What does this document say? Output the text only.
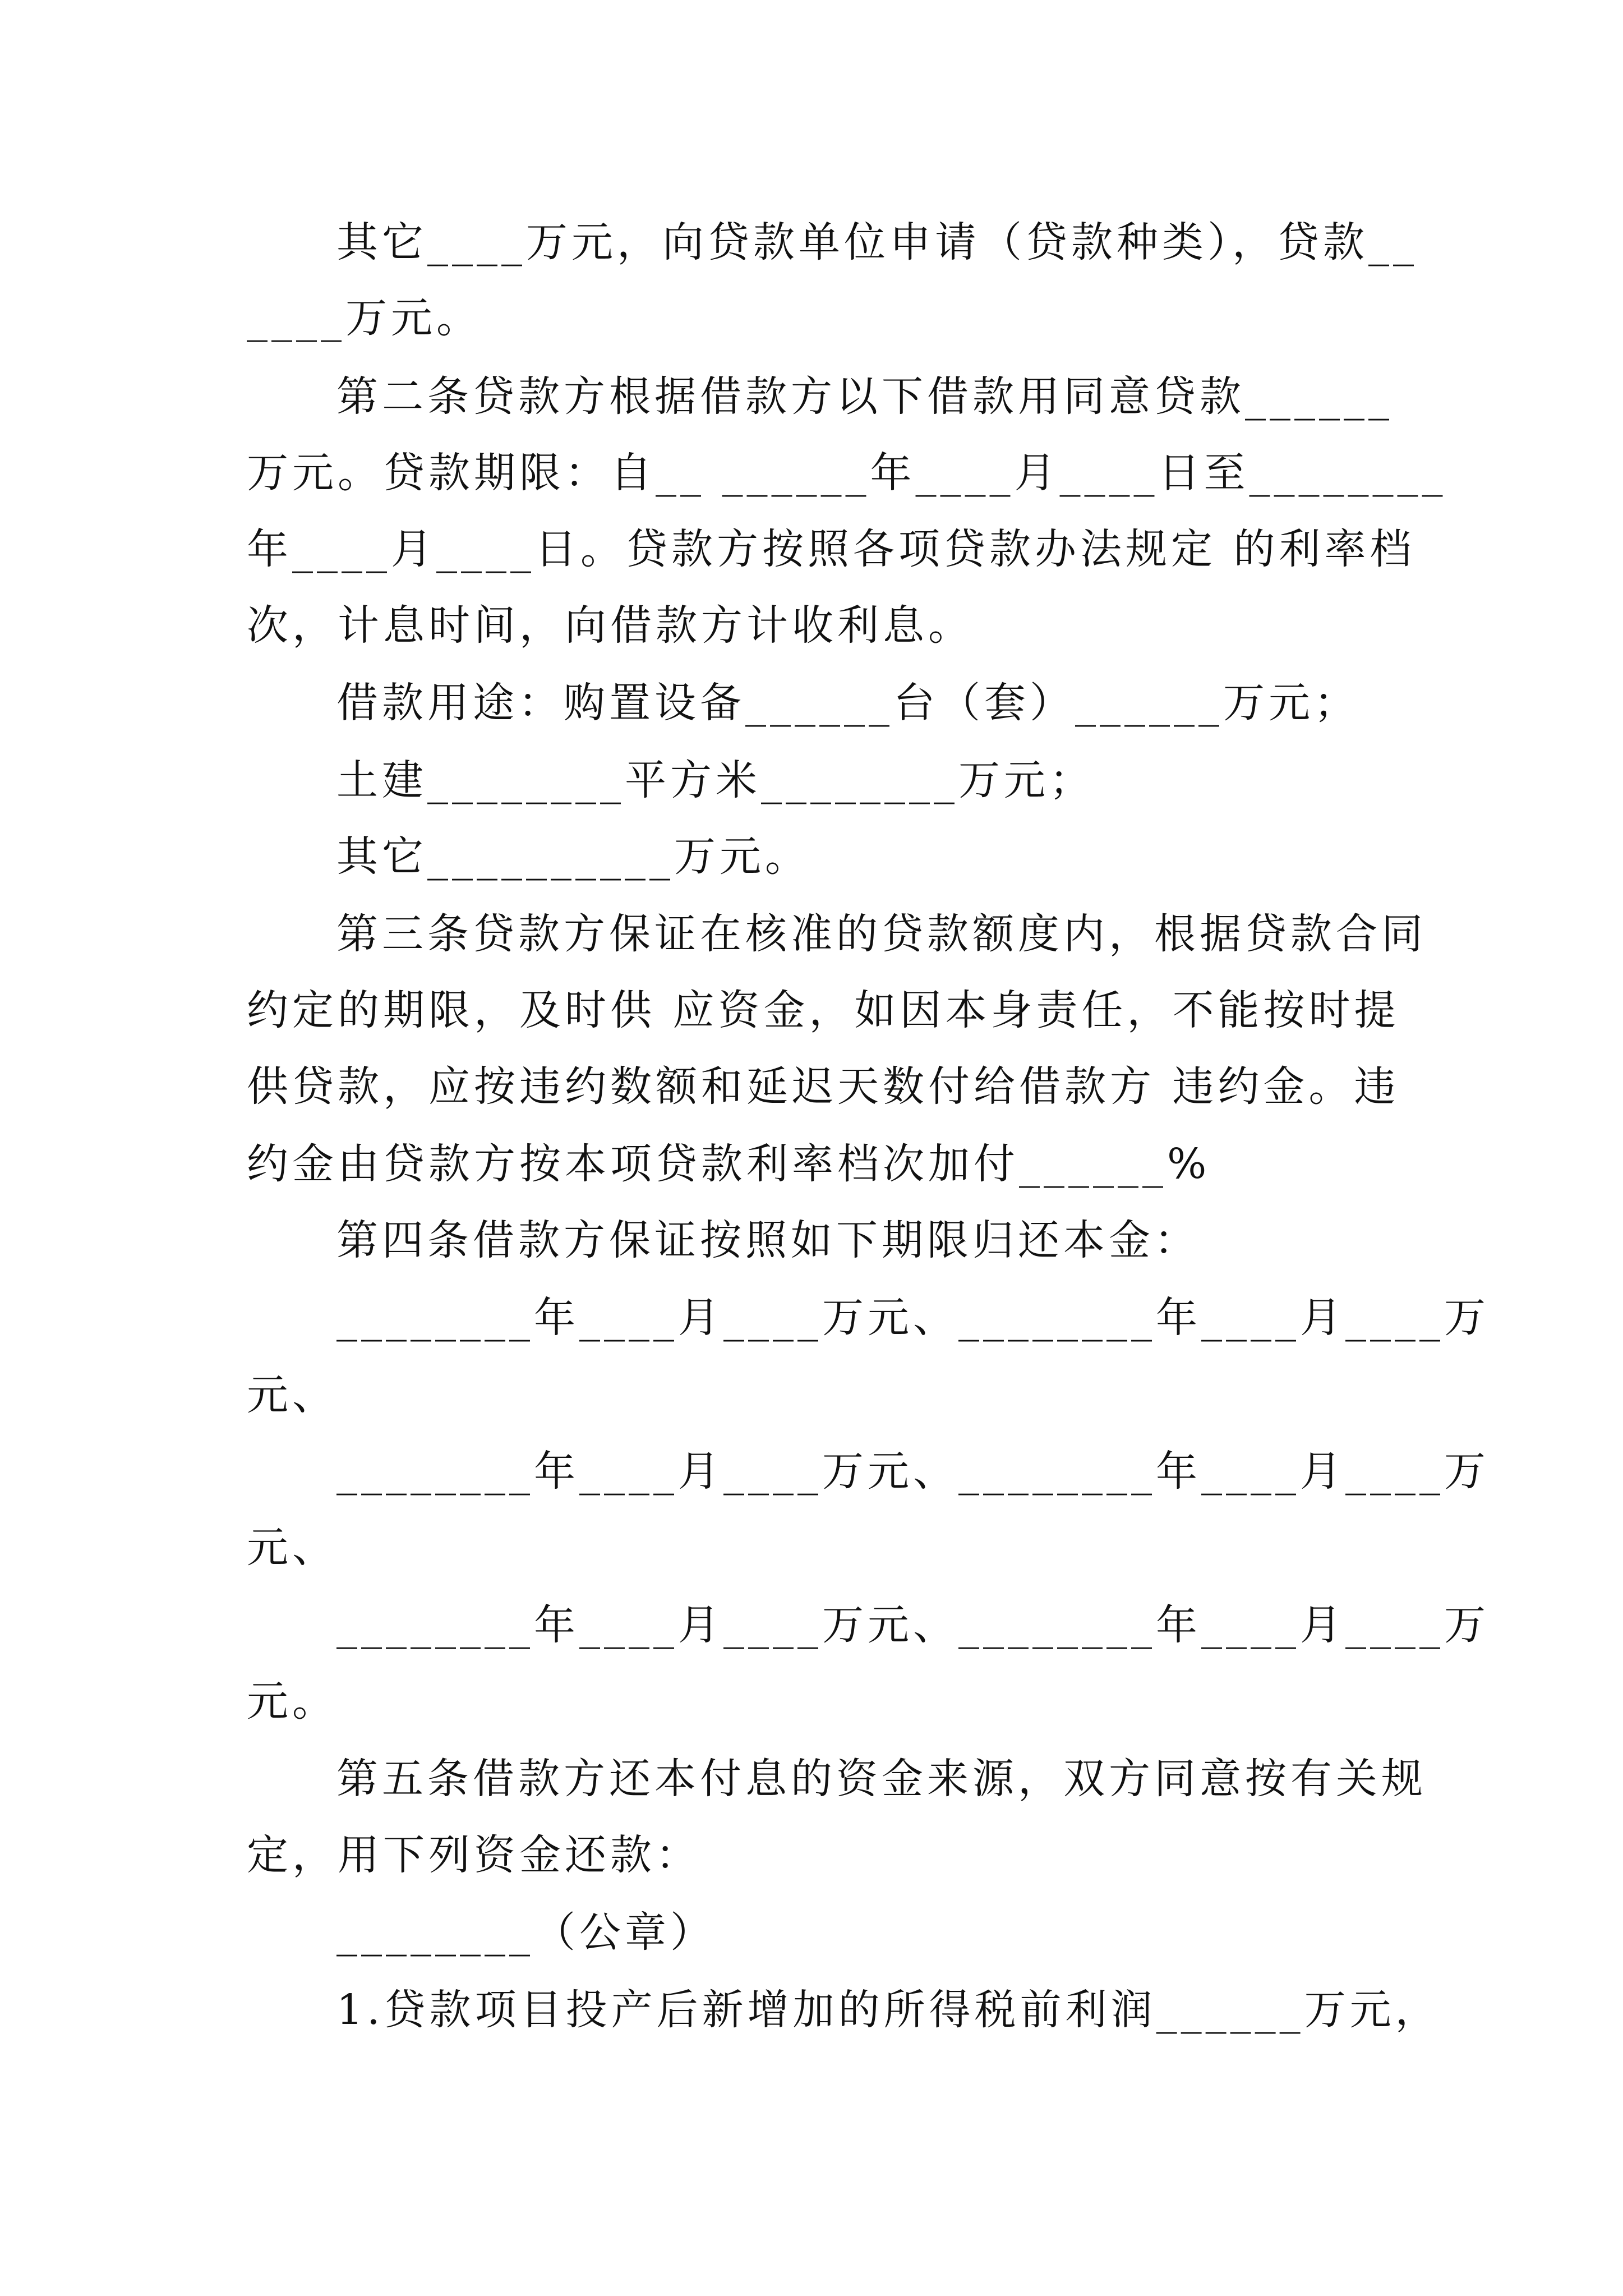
其它____万元，向贷款单位申请（贷款种类），贷款__
____万元。
第二条贷款方根据借款方以下借款用同意贷款______
万元。贷款期限：自__ ______年____月____日至________
年____月____日。贷款方按照各项贷款办法规定 的利率档
次，计息时间，向借款方计收利息。
借款用途：购置设备______台（套）______万元；
土建________平方米________万元；
其它__________万元。
第三条贷款方保证在核准的贷款额度内，根据贷款合同
约定的期限，及时供 应资金，如因本身责任，不能按时提
供贷款，应按违约数额和延迟天数付给借款方 违约金。违
约金由贷款方按本项贷款利率档次加付______%
第四条借款方保证按照如下期限归还本金：
________年____月____万元、________年____月____万
元、
________年____月____万元、________年____月____万
元、
________年____月____万元、________年____月____万
元。
第五条借款方还本付息的资金来源，双方同意按有关规
定，用下列资金还款：
________（公章）
1.贷款项目投产后新增加的所得税前利润______万元，
